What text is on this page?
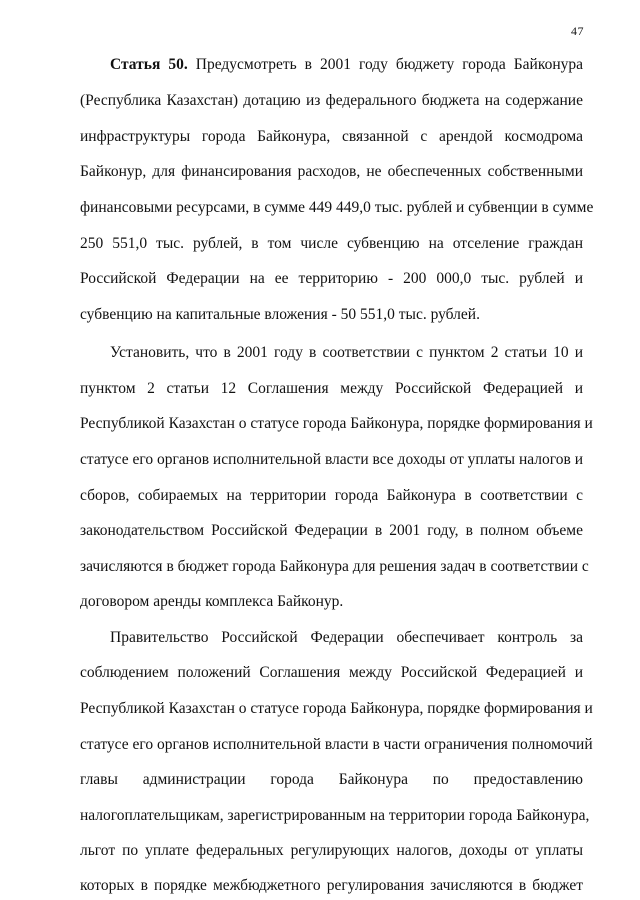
47
Статья 50. Предусмотреть в 2001 году бюджету города Байконура
(Республика Казахстан) дотацию из федерального бюджета на содержание
инфраструктуры города Байконура, связанной с арендой космодрома
Байконур, для финансирования расходов, не обеспеченных собственными
финансовыми ресурсами, в сумме 449 449,0 тыс. рублей и субвенции в сумме
250 551,0 тыс. рублей, в том числе субвенцию на отселение граждан
Российской Федерации на ее территорию - 200 000,0 тыс. рублей и
субвенцию на капитальные вложения - 50 551,0 тыс. рублей.
Установить, что в 2001 году в соответствии с пунктом 2 статьи 10 и
пунктом 2 статьи 12 Соглашения между Российской Федерацией и
Республикой Казахстан о статусе города Байконура, порядке формирования и
статусе его органов исполнительной власти все доходы от уплаты налогов и
сборов, собираемых на территории города Байконура в соответствии с
законодательством Российской Федерации в 2001 году, в полном объеме
зачисляются в бюджет города Байконура для решения задач в соответствии с
договором аренды комплекса Байконур.
Правительство Российской Федерации обеспечивает контроль за
соблюдением положений Соглашения между Российской Федерацией и
Республикой Казахстан о статусе города Байконура, порядке формирования и
статусе его органов исполнительной власти в части ограничения полномочий
главы администрации города Байконура по предоставлению
налогоплательщикам, зарегистрированным на территории города Байконура,
льгот по уплате федеральных регулирующих налогов, доходы от уплаты
которых в порядке межбюджетного регулирования зачисляются в бюджет
